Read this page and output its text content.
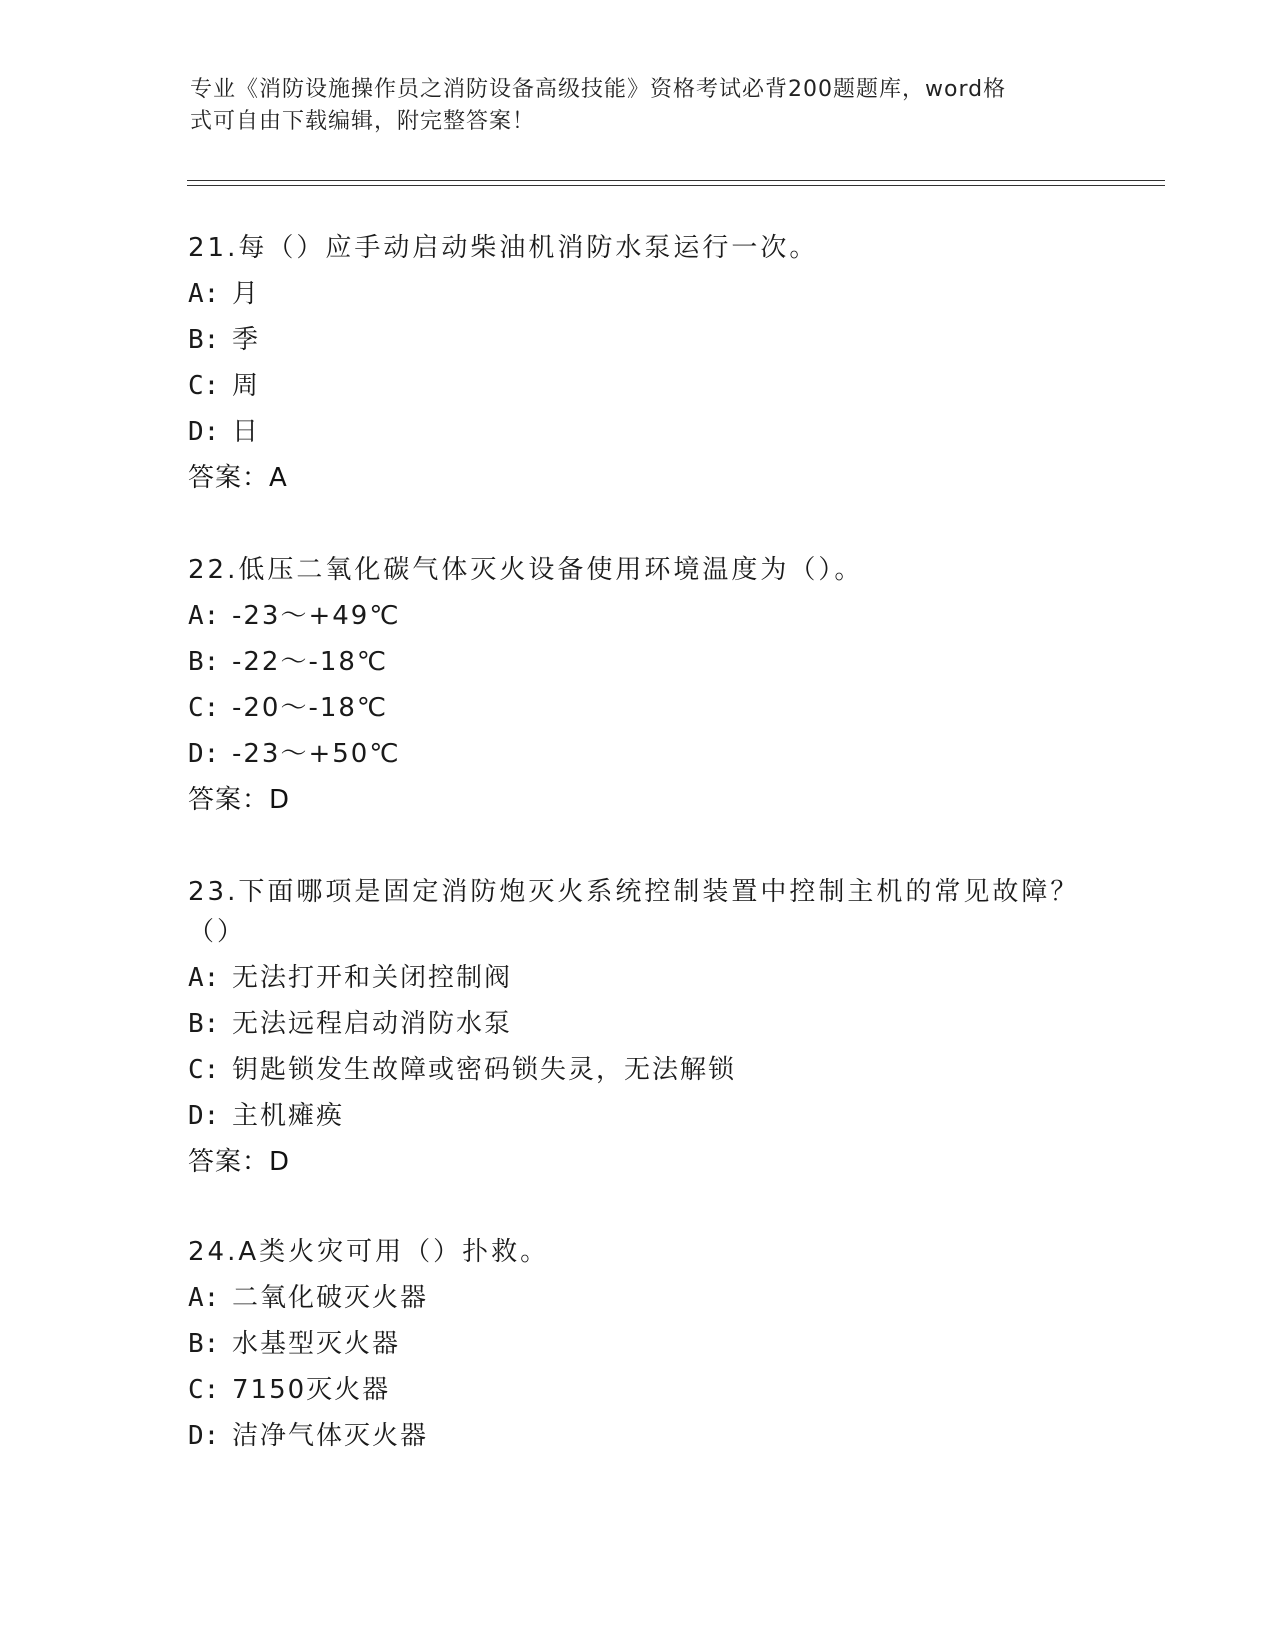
专业《消防设施操作员之消防设备高级技能》资格考试必背200题题库，word格
式可自由下载编辑，附完整答案！
21.每（）应手动启动柴油机消防水泵运行一次。
A: 月
B: 季
C: 周
D: 日
答案：A
22.低压二氧化碳气体灭火设备使用环境温度为（）。
A: -23～+49℃
B: -22～-18℃
C: -20～-18℃
D: -23～+50℃
答案：D
23.下面哪项是固定消防炮灭火系统控制装置中控制主机的常见故障？
（）
A: 无法打开和关闭控制阀
B: 无法远程启动消防水泵
C: 钥匙锁发生故障或密码锁失灵，无法解锁
D: 主机瘫痪
答案：D
24.A类火灾可用（）扑救。
A: 二氧化破灭火器
B: 水基型灭火器
C: 7150灭火器
D: 洁净气体灭火器
